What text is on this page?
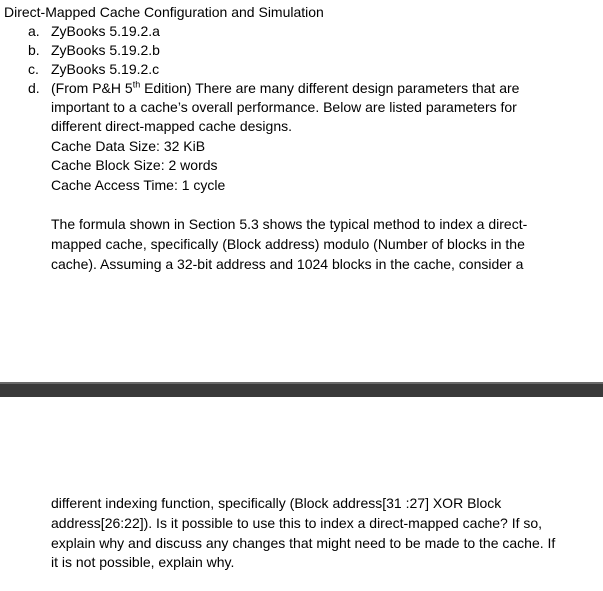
Direct-Mapped Cache Configuration and Simulation
a. ZyBooks 5.19.2.a
b. ZyBooks 5.19.2.b
c. ZyBooks 5.19.2.c
d. (From P&H 5th Edition) There are many different design parameters that are
important to a cache’s overall performance. Below are listed parameters for
different direct-mapped cache designs.
Cache Data Size: 32 KiB
Cache Block Size: 2 words
Cache Access Time: 1 cycle
The formula shown in Section 5.3 shows the typical method to index a direct-
mapped cache, specifically (Block address) modulo (Number of blocks in the
cache). Assuming a 32-bit address and 1024 blocks in the cache, consider a
different indexing function, specifically (Block address[31 :27] XOR Block
address[26:22]). Is it possible to use this to index a direct-mapped cache? If so,
explain why and discuss any changes that might need to be made to the cache. If
it is not possible, explain why.
